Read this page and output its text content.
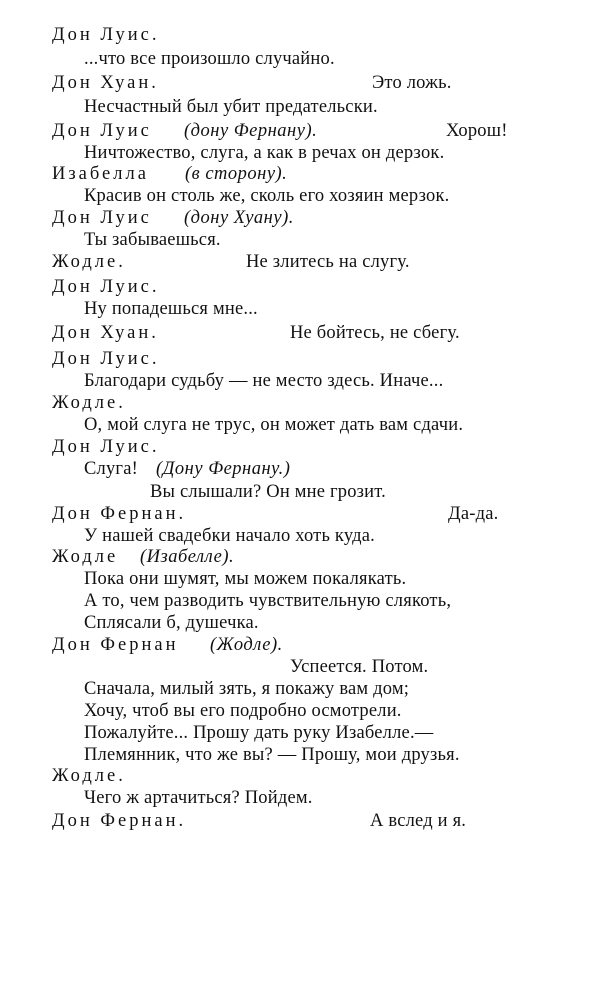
Дон Луис.
...что все произошло случайно.
Дон Хуан.	Это ложь.
Несчастный был убит предательски.
Дон Луис (дону Фернану).	Хорош!
Ничтожество, слуга, а как в речах он дерзок.
Изабелла (в сторону).
Красив он столь же, сколь его хозяин мерзок.
Дон Луис (дону Хуану).
Ты забываешься.
Жодле.	Не злитесь на слугу.
Дон Луис.
Ну попадешься мне...
Дон Хуан.	Не бойтесь, не сбегу.
Дон Луис.
Благодари судьбу — не место здесь. Иначе...
Жодле.
О, мой слуга не трус, он может дать вам сдачи.
Дон Луис.
Слуга! (Дону Фернану.)
Вы слышали? Он мне грозит.
Дон Фернан.	Да-да.
У нашей свадебки начало хоть куда.
Жодле (Изабелле).
Пока они шумят, мы можем покалякать.
А то, чем разводить чувствительную слякоть,
Сплясали б, душечка.
Дон Фернан (Жодле).
Успеется. Потом.
Сначала, милый зять, я покажу вам дом;
Хочу, чтоб вы его подробно осмотрели.
Пожалуйте... Прошу дать руку Изабелле.—
Племянник, что же вы? — Прошу, мои друзья.
Жодле.
Чего ж артачиться? Пойдем.
Дон Фернан.	А вслед и я.
